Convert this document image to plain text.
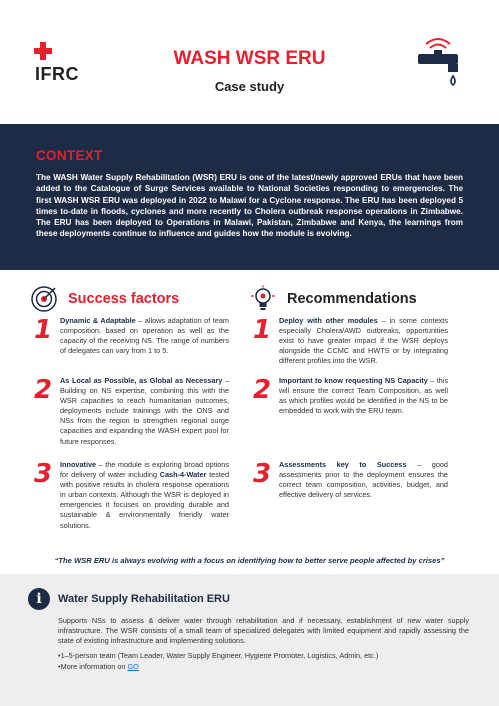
IFRC
WASH WSR ERU
Case study
CONTEXT

The WASH Water Supply Rehabilitation (WSR) ERU is one of the latest/newly approved ERUs that have been added to the Catalogue of Surge Services available to National Societies responding to emergencies. The first WASH WSR ERU was deployed in 2022 to Malawi for a Cyclone response. The ERU has been deployed 5 times to-date in floods, cyclones and more recently to Cholera outbreak response operations in Zimbabwe. The ERU has been deployed to Operations in Malawi, Pakistan, Zimbabwe and Kenya, the learnings from these deployments continue to influence and guides how the module is evolving.

Success factors	Recommendations
1	Dynamic & Adaptable – allows adaptation of team composition, based on operation as well as the capacity of the receiving NS. The range of numbers of delegates can vary from 1 to 5.
2	As Local as Possible, as Global as Necessary – Building on NS expertise, combining this with the WSR capacities to reach humanitarian outcomes, deployments include trainings with the ONS and NSs from the region to strengthen regional surge capacities and expanding the WASH expert pool for future responses.
3	Innovative – the module is exploring broad options for delivery of water including Cash-4-Water tested with positive results in cholera response operations in urban contexts. Although the WSR is deployed in emergencies it focuses on providing durable and sustainable & environmentally friendly water solutions.
1	Deploy with other modules – in some contexts especially Cholera/AWD outbreaks, opportunities exist to have greater impact if the WSR deploys alongside the CCMC and HWTS or by integrating different profiles into the WSR.
2	Important to know requesting NS Capacity – this will ensure the correct Team Composition, as well as which profiles would be identified in the NS to be embedded to work with the ERU team.
3	Assessments key to Success – good assessments prior to the deployment ensures the correct team composition, activities, budget, and effective delivery of services.
“The WSR ERU is always evolving with a focus on identifying how to better serve people affected by crises”
i	Water Supply Rehabilitation ERU

Supports NSs to assess & deliver water through rehabilitation and if necessary, establishment of new water supply infrastructure. The WSR consists of a small team of specialized delegates with limited equipment and rapidly assessing the state of existing infrastructure and implementing solutions.

• 1–5-person team (Team Leader, Water Supply Engineer, Hygiene Promoter, Logistics, Admin, etc.)
• More information on GO
